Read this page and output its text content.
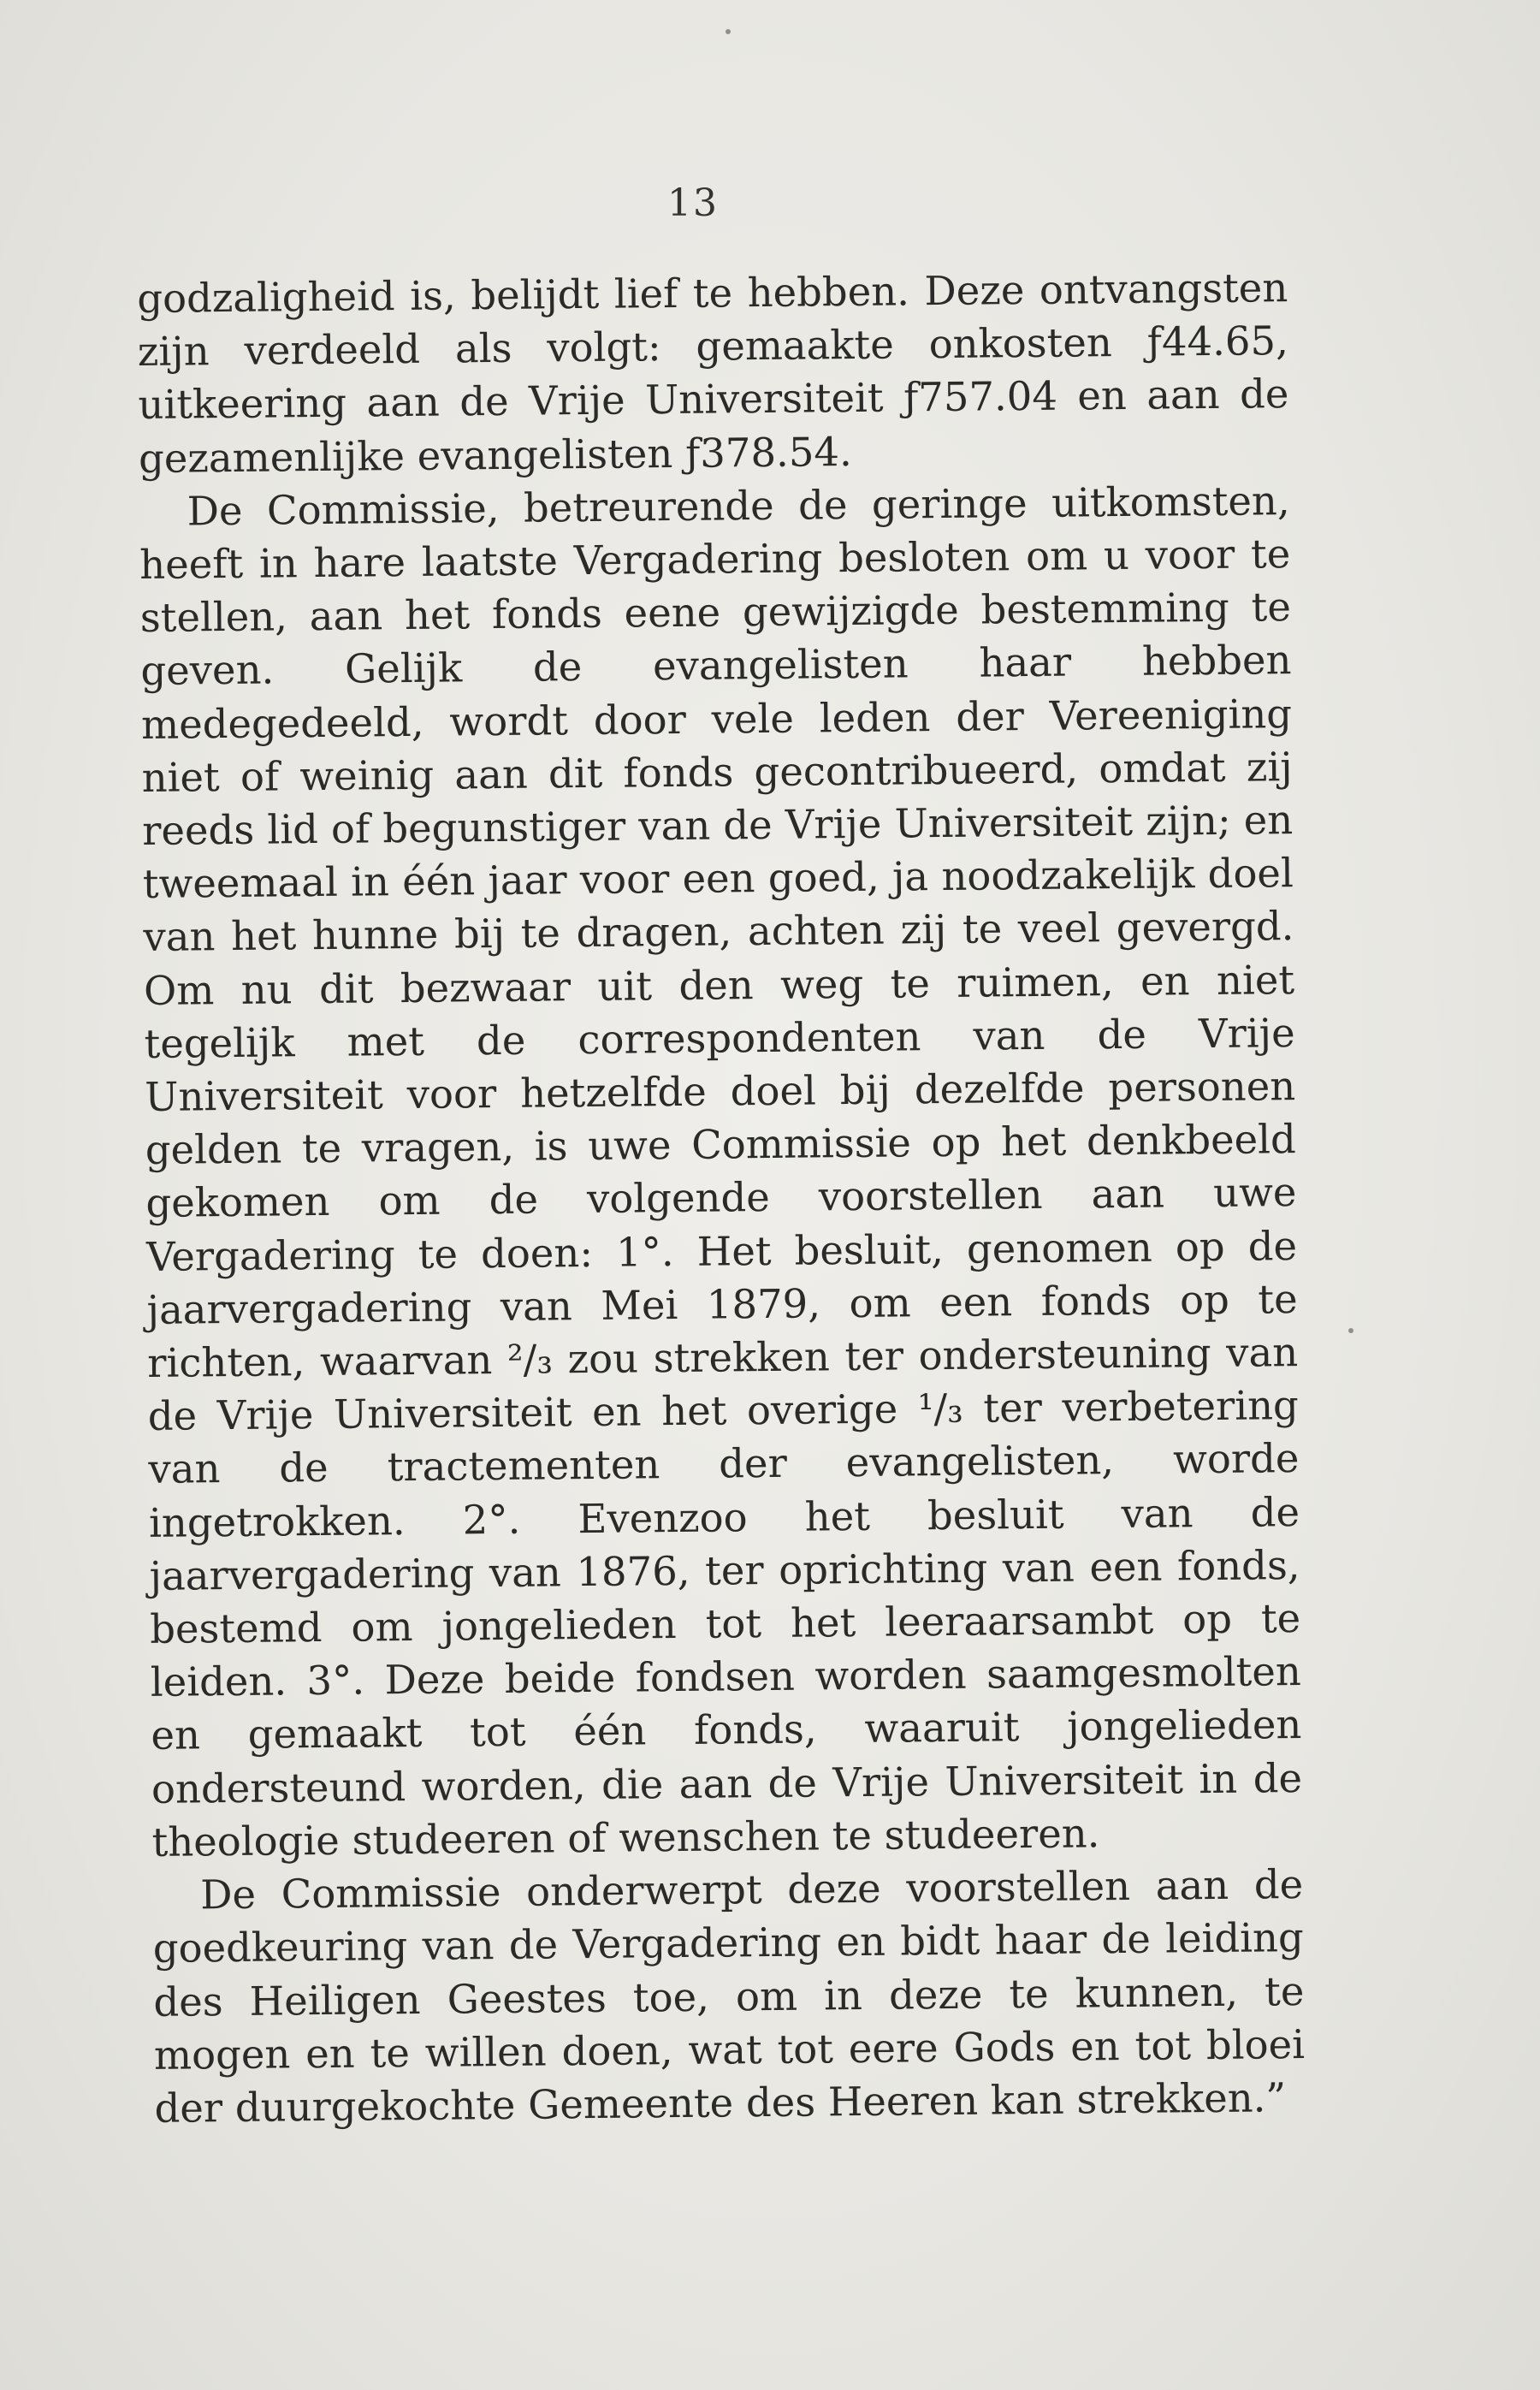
13

godzaligheid is, belijdt lief te hebben. Deze ontvangsten zijn verdeeld als volgt: gemaakte onkosten ƒ44.65, uitkeering aan de Vrije Universiteit ƒ757.04 en aan de gezamenlijke evangelisten ƒ378.54.

De Commissie, betreurende de geringe uitkomsten, heeft in hare laatste Vergadering besloten om u voor te stellen, aan het fonds eene gewijzigde bestemming te geven. Gelijk de evangelisten haar hebben medegedeeld, wordt door vele leden der Vereeniging niet of weinig aan dit fonds gecontribueerd, omdat zij reeds lid of begunstiger van de Vrije Universiteit zijn; en tweemaal in één jaar voor een goed, ja noodzakelijk doel van het hunne bij te dragen, achten zij te veel gevergd. Om nu dit bezwaar uit den weg te ruimen, en niet tegelijk met de correspondenten van de Vrije Universiteit voor hetzelfde doel bij dezelfde personen gelden te vragen, is uwe Commissie op het denkbeeld gekomen om de volgende voorstellen aan uwe Vergadering te doen: 1°. Het besluit, genomen op de jaarvergadering van Mei 1879, om een fonds op te richten, waarvan ²/₃ zou strekken ter ondersteuning van de Vrije Universiteit en het overige ¹/₃ ter verbetering van de tractementen der evangelisten, worde ingetrokken. 2°. Evenzoo het besluit van de jaarvergadering van 1876, ter oprichting van een fonds, bestemd om jongelieden tot het leeraarsambt op te leiden. 3°. Deze beide fondsen worden saamgesmolten en gemaakt tot één fonds, waaruit jongelieden ondersteund worden, die aan de Vrije Universiteit in de theologie studeeren of wenschen te studeeren.

De Commissie onderwerpt deze voorstellen aan de goedkeuring van de Vergadering en bidt haar de leiding des Heiligen Geestes toe, om in deze te kunnen, te mogen en te willen doen, wat tot eere Gods en tot bloei der duurgekochte Gemeente des Heeren kan strekken.”
